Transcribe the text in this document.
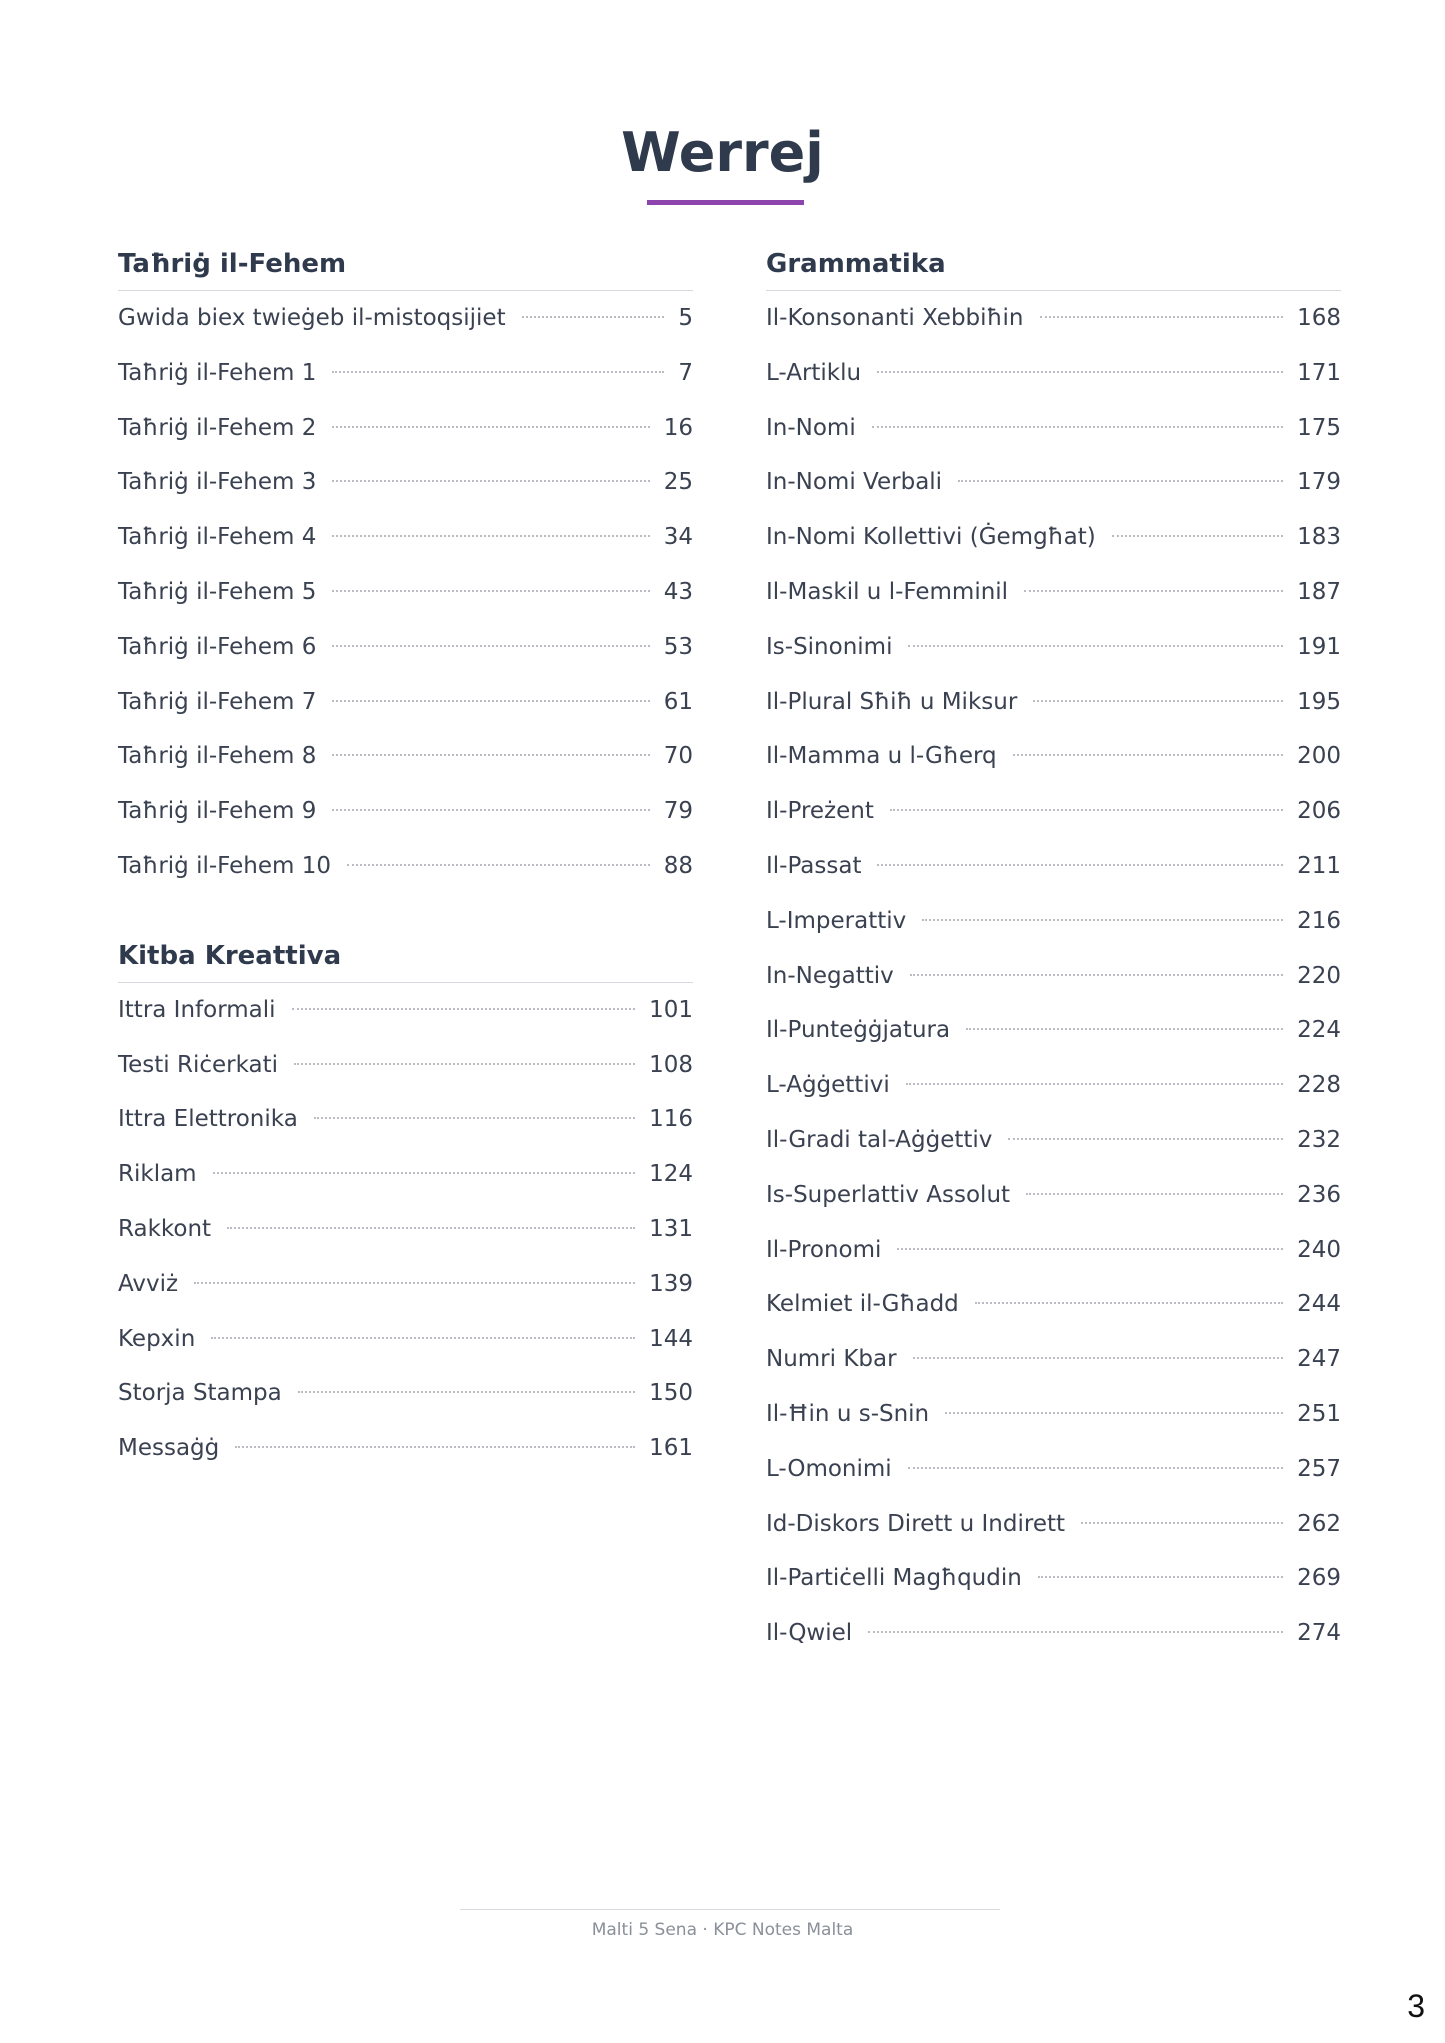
Werrej
Taħriġ il-Fehem
Gwida biex twieġeb il-mistoqsijiet	5
Taħriġ il-Fehem 1	7
Taħriġ il-Fehem 2	16
Taħriġ il-Fehem 3	25
Taħriġ il-Fehem 4	34
Taħriġ il-Fehem 5	43
Taħriġ il-Fehem 6	53
Taħriġ il-Fehem 7	61
Taħriġ il-Fehem 8	70
Taħriġ il-Fehem 9	79
Taħriġ il-Fehem 10	88
Kitba Kreattiva
Ittra Informali	101
Testi Riċerkati	108
Ittra Elettronika	116
Riklam	124
Rakkont	131
Avviż	139
Kepxin	144
Storja Stampa	150
Messaġġ	161
Grammatika
Il-Konsonanti Xebbiħin	168
L-Artiklu	171
In-Nomi	175
In-Nomi Verbali	179
In-Nomi Kollettivi (Ġemgħat)	183
Il-Maskil u l-Femminil	187
Is-Sinonimi	191
Il-Plural Sħiħ u Miksur	195
Il-Mamma u l-Għerq	200
Il-Preżent	206
Il-Passat	211
L-Imperattiv	216
In-Negattiv	220
Il-Punteġġjatura	224
L-Aġġettivi	228
Il-Gradi tal-Aġġettiv	232
Is-Superlattiv Assolut	236
Il-Pronomi	240
Kelmiet il-Għadd	244
Numri Kbar	247
Il-Ħin u s-Snin	251
L-Omonimi	257
Id-Diskors Dirett u Indirett	262
Il-Partiċelli Magħqudin	269
Il-Qwiel	274
Malti 5 Sena · KPC Notes Malta
3
